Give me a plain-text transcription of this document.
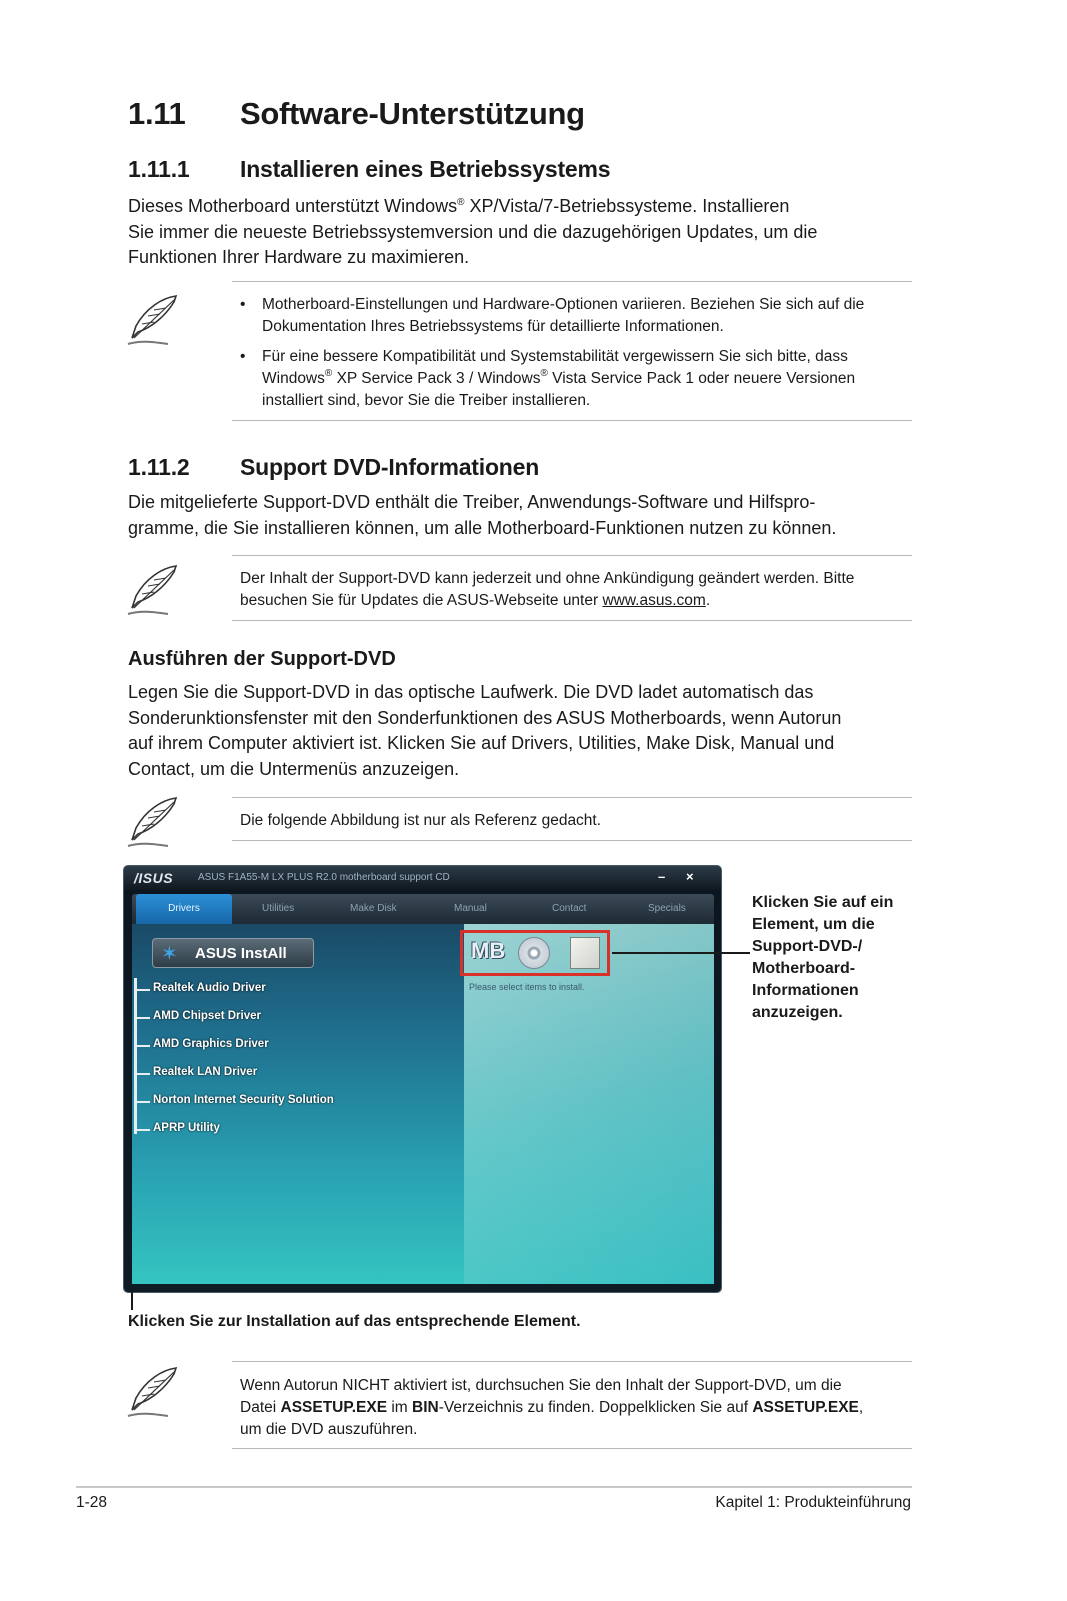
1.11 Software-Unterstützung
1.11.1 Installieren eines Betriebssystems
Dieses Motherboard unterstützt Windows® XP/Vista/7-Betriebssysteme. Installieren
Sie immer die neueste Betriebssystemversion und die dazugehörigen Updates, um die
Funktionen Ihrer Hardware zu maximieren.
• Motherboard-Einstellungen und Hardware-Optionen variieren. Beziehen Sie sich auf die
Dokumentation Ihres Betriebssystems für detaillierte Informationen.
• Für eine bessere Kompatibilität und Systemstabilität vergewissern Sie sich bitte, dass
Windows® XP Service Pack 3 / Windows® Vista Service Pack 1 oder neuere Versionen
installiert sind, bevor Sie die Treiber installieren.
1.11.2 Support DVD-Informationen
Die mitgelieferte Support-DVD enthält die Treiber, Anwendungs-Software und Hilfspro-
gramme, die Sie installieren können, um alle Motherboard-Funktionen nutzen zu können.
Der Inhalt der Support-DVD kann jederzeit und ohne Ankündigung geändert werden. Bitte
besuchen Sie für Updates die ASUS-Webseite unter www.asus.com.
Ausführen der Support-DVD
Legen Sie die Support-DVD in das optische Laufwerk. Die DVD ladet automatisch das
Sonderunktionsfenster mit den Sonderfunktionen des ASUS Motherboards, wenn Autorun
auf ihrem Computer aktiviert ist. Klicken Sie auf Drivers, Utilities, Make Disk, Manual und
Contact, um die Untermenüs anzuzeigen.
Die folgende Abbildung ist nur als Referenz gedacht.
/ISUS ASUS F1A55-M LX PLUS R2.0 motherboard support CD	– ×
Drivers	Utilities	Make Disk	Manual	Contact	Specials
✶ ASUS InstAll
Realtek Audio Driver
AMD Chipset Driver
AMD Graphics Driver
Realtek LAN Driver
Norton Internet Security Solution
APRP Utility
MB
Please select items to install.
Klicken Sie auf ein
Element, um die
Support-DVD-/
Motherboard-
Informationen
anzuzeigen.
Klicken Sie zur Installation auf das entsprechende Element.
Wenn Autorun NICHT aktiviert ist, durchsuchen Sie den Inhalt der Support-DVD, um die
Datei ASSETUP.EXE im BIN-Verzeichnis zu finden. Doppelklicken Sie auf ASSETUP.EXE,
um die DVD auszuführen.
1-28	Kapitel 1: Produkteinführung
